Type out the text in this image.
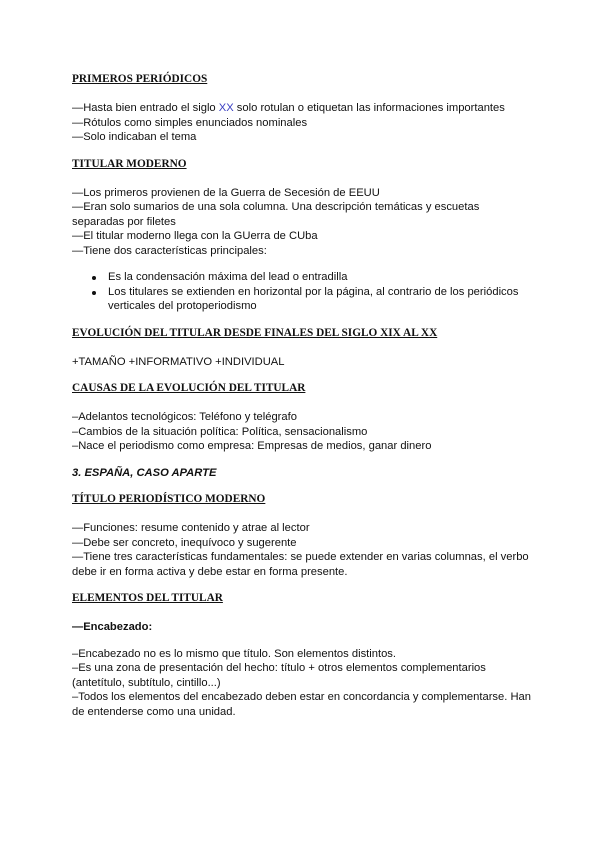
PRIMEROS PERIÓDICOS

—Hasta bien entrado el siglo XX solo rotulan o etiquetan las informaciones importantes

—Rótulos como simples enunciados nominales

—Solo indicaban el tema

TITULAR MODERNO

—Los primeros provienen de la Guerra de Secesión de EEUU

—Eran solo sumarios de una sola columna. Una descripción temáticas y escuetas separadas por filetes

—El titular moderno llega con la GUerra de CUba

—Tiene dos características principales:

Es la condensación máxima del lead o entradilla
Los titulares se extienden en horizontal por la página, al contrario de los periódicos verticales del protoperiodismo

EVOLUCIÓN DEL TITULAR DESDE FINALES DEL SIGLO XIX AL XX

+TAMAÑO +INFORMATIVO +INDIVIDUAL

CAUSAS DE LA EVOLUCIÓN DEL TITULAR

–Adelantos tecnológicos: Teléfono y telégrafo

–Cambios de la situación política: Política, sensacionalismo

–Nace el periodismo como empresa: Empresas de medios, ganar dinero

3. ESPAÑA, CASO APARTE

TÍTULO PERIODÍSTICO MODERNO

—Funciones: resume contenido y atrae al lector

—Debe ser concreto, inequívoco y sugerente

—Tiene tres características fundamentales: se puede extender en varias columnas, el verbo debe ir en forma activa y debe estar en forma presente.

ELEMENTOS DEL TITULAR

—Encabezado:

–Encabezado no es lo mismo que título. Son elementos distintos.

–Es una zona de presentación del hecho: título + otros elementos complementarios (antetítulo, subtítulo, cintillo...)

–Todos los elementos del encabezado deben estar en concordancia y complementarse. Han de entenderse como una unidad.
